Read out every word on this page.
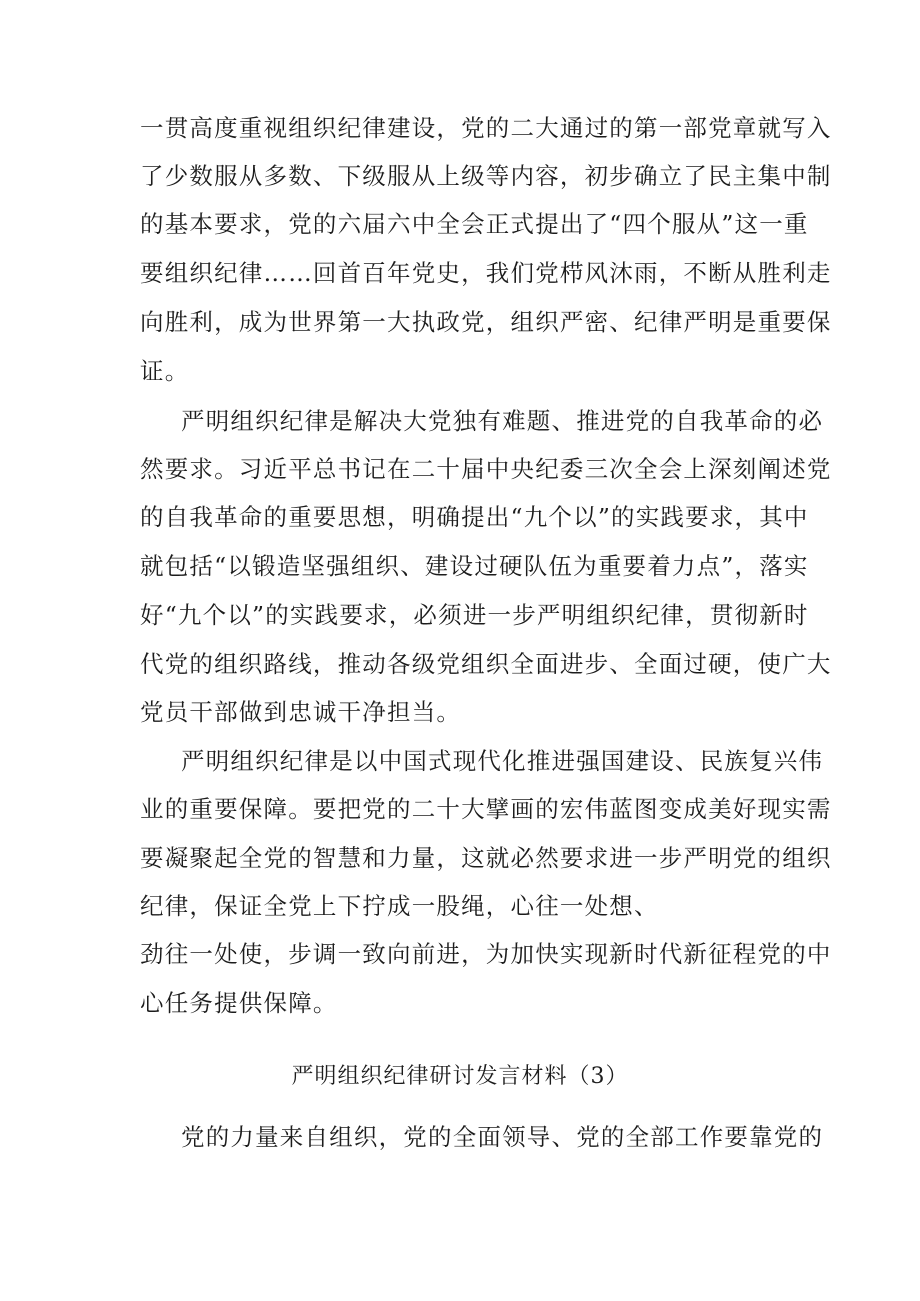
一贯高度重视组织纪律建设，党的二大通过的第一部党章就写入
了少数服从多数、下级服从上级等内容，初步确立了民主集中制
的基本要求，党的六届六中全会正式提出了“四个服从”这一重
要组织纪律……回首百年党史，我们党栉风沐雨，不断从胜利走
向胜利，成为世界第一大执政党，组织严密、纪律严明是重要保
证。
严明组织纪律是解决大党独有难题、推进党的自我革命的必
然要求。习近平总书记在二十届中央纪委三次全会上深刻阐述党
的自我革命的重要思想，明确提出“九个以”的实践要求，其中
就包括“以锻造坚强组织、建设过硬队伍为重要着力点”，落实
好“九个以”的实践要求，必须进一步严明组织纪律，贯彻新时
代党的组织路线，推动各级党组织全面进步、全面过硬，使广大
党员干部做到忠诚干净担当。
严明组织纪律是以中国式现代化推进强国建设、民族复兴伟
业的重要保障。要把党的二十大擘画的宏伟蓝图变成美好现实需
要凝聚起全党的智慧和力量，这就必然要求进一步严明党的组织
纪律，保证全党上下拧成一股绳，心往一处想、
劲往一处使，步调一致向前进，为加快实现新时代新征程党的中
心任务提供保障。
严明组织纪律研讨发言材料（3）
党的力量来自组织，党的全面领导、党的全部工作要靠党的
